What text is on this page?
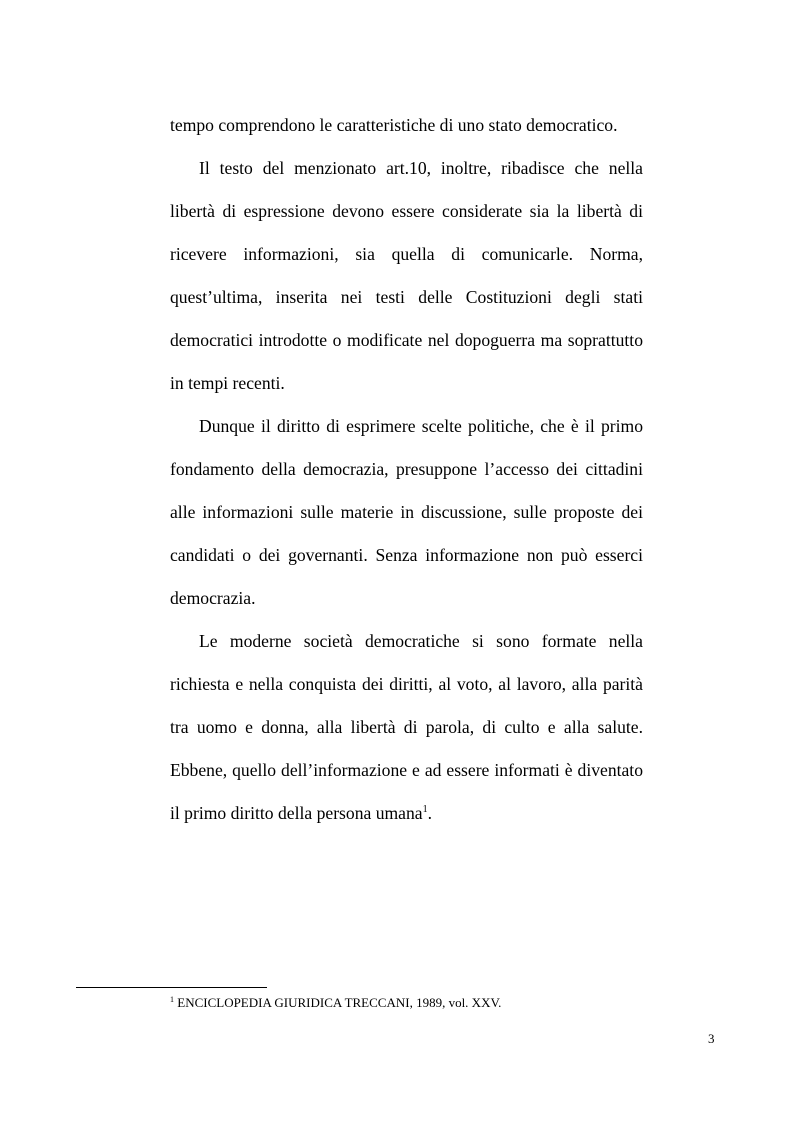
tempo comprendono le caratteristiche di uno stato democratico.

Il testo del menzionato art.10, inoltre, ribadisce che nella libertà di espressione devono essere considerate sia la libertà di ricevere informazioni, sia quella di comunicarle. Norma, quest’ultima, inserita nei testi delle Costituzioni degli stati democratici introdotte o modificate nel dopoguerra ma soprattutto in tempi recenti.

Dunque il diritto di esprimere scelte politiche, che è il primo fondamento della democrazia, presuppone l’accesso dei cittadini alle informazioni sulle materie in discussione, sulle proposte dei candidati o dei governanti. Senza informazione non può esserci democrazia.

Le moderne società democratiche si sono formate nella richiesta e nella conquista dei diritti, al voto, al lavoro, alla parità tra uomo e donna, alla libertà di parola, di culto e alla salute. Ebbene, quello dell’informazione e ad essere informati è diventato il primo diritto della persona umana$^1$.

$^1$ ENCICLOPEDIA GIURIDICA TRECCANI, 1989, vol. XXV.
3
